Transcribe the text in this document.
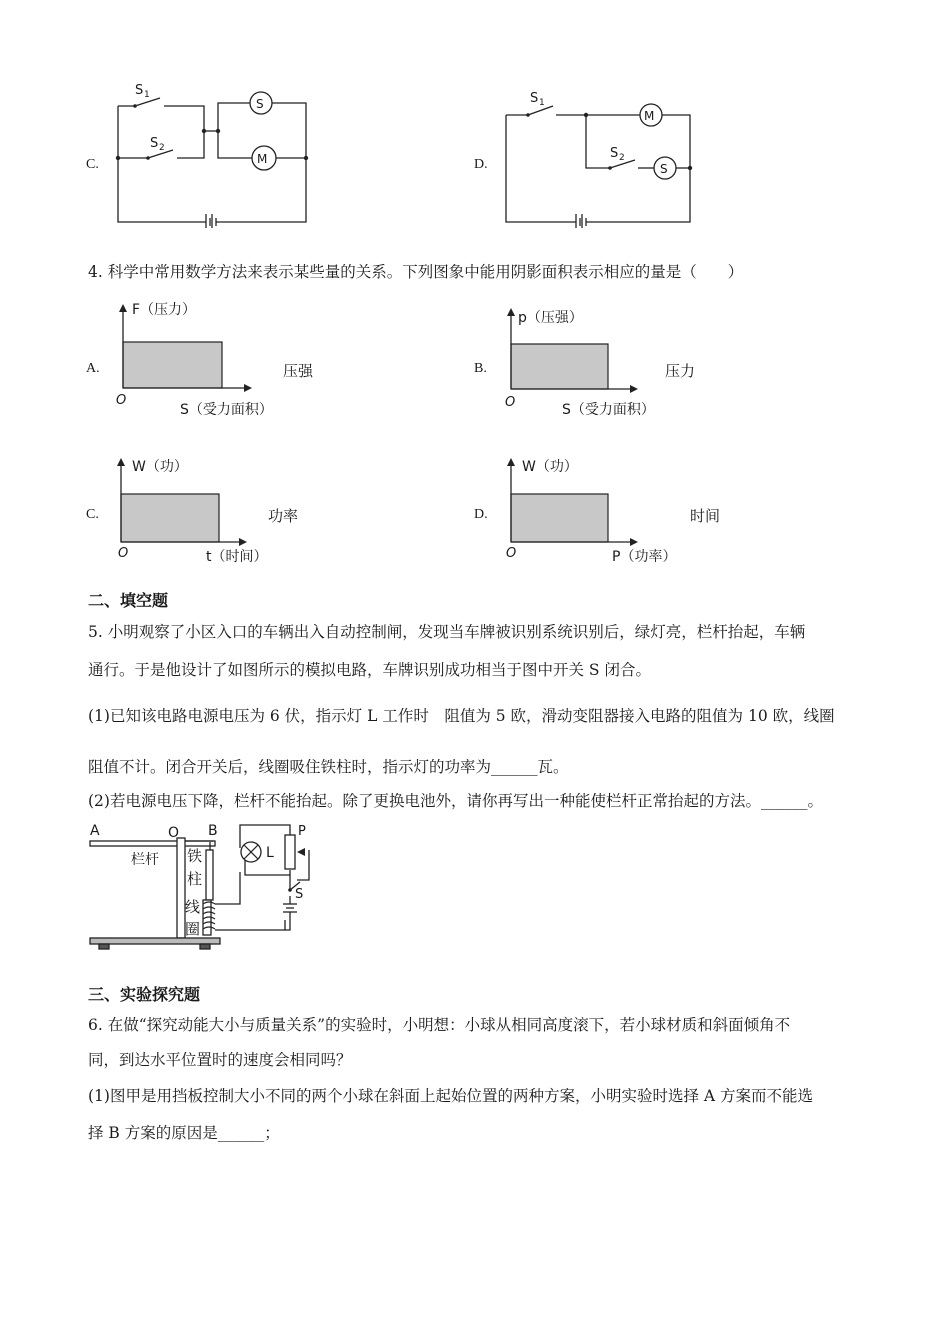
C.
S 1
S 2
S
M	D.
S 1
S 2
M
S
4. 科学中常用数学方法来表示某些量的关系。下列图象中能用阴影面积表示相应的量是（　　）
A.
F（压力）
O
S（受力面积）
压强	B.
p（压强）
O	S（受力面积）
压力
C.
W（功）
O	t（时间）
功率	D.
W（功）
O	P（功率）
时间
二、填空题
5. 小明观察了小区入口的车辆出入自动控制闸，发现当车牌被识别系统识别后，绿灯亮，栏杆抬起，车辆
通行。于是他设计了如图所示的模拟电路，车牌识别成功相当于图中开关 S 闭合。
(1)已知该电路电源电压为 6 伏，指示灯 L 工作时　阻值为 5 欧，滑动变阻器接入电路的阻值为 10 欧，线圈
阻值不计。闭合开关后，线圈吸住铁柱时，指示灯的功率为______瓦。
(2)若电源电压下降，栏杆不能抬起。除了更换电池外，请你再写出一种能使栏杆正常抬起的方法。______。
A	O B
栏杆 铁
柱
线
圈
L
P
S
三、实验探究题
6. 在做“探究动能大小与质量关系”的实验时，小明想：小球从相同高度滚下，若小球材质和斜面倾角不
同，到达水平位置时的速度会相同吗？
(1)图甲是用挡板控制大小不同的两个小球在斜面上起始位置的两种方案，小明实验时选择 A 方案而不能选
择 B 方案的原因是______；
